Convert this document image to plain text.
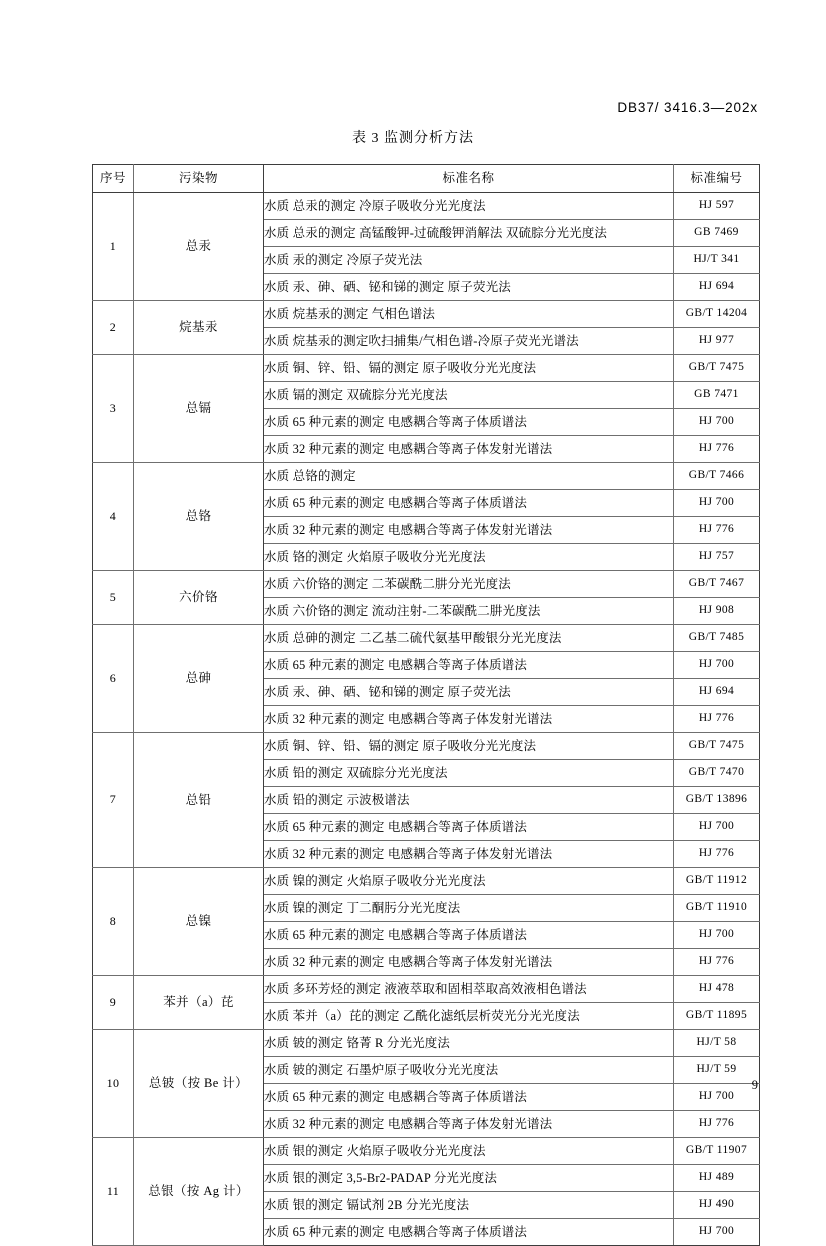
DB37/ 3416.3—202x
表 3 监测分析方法
序号	污染物	标准名称	标准编号
1	总汞	水质 总汞的测定 冷原子吸收分光光度法	HJ 597
		水质 总汞的测定 高锰酸钾-过硫酸钾消解法 双硫腙分光光度法	GB 7469
		水质 汞的测定 冷原子荧光法	HJ/T 341
		水质 汞、砷、硒、铋和锑的测定 原子荧光法	HJ 694
2	烷基汞	水质 烷基汞的测定 气相色谱法	GB/T 14204
		水质 烷基汞的测定吹扫捕集/气相色谱-冷原子荧光光谱法	HJ 977
3	总镉	水质 铜、锌、铅、镉的测定 原子吸收分光光度法	GB/T 7475
		水质 镉的测定 双硫腙分光光度法	GB 7471
		水质 65 种元素的测定 电感耦合等离子体质谱法	HJ 700
		水质 32 种元素的测定 电感耦合等离子体发射光谱法	HJ 776
4	总铬	水质 总铬的测定	GB/T 7466
		水质 65 种元素的测定 电感耦合等离子体质谱法	HJ 700
		水质 32 种元素的测定 电感耦合等离子体发射光谱法	HJ 776
		水质 铬的测定 火焰原子吸收分光光度法	HJ 757
5	六价铬	水质 六价铬的测定 二苯碳酰二肼分光光度法	GB/T 7467
		水质 六价铬的测定 流动注射-二苯碳酰二肼光度法	HJ 908
6	总砷	水质 总砷的测定 二乙基二硫代氨基甲酸银分光光度法	GB/T 7485
		水质 65 种元素的测定 电感耦合等离子体质谱法	HJ 700
		水质 汞、砷、硒、铋和锑的测定 原子荧光法	HJ 694
		水质 32 种元素的测定 电感耦合等离子体发射光谱法	HJ 776
7	总铅	水质 铜、锌、铅、镉的测定 原子吸收分光光度法	GB/T 7475
		水质 铅的测定 双硫腙分光光度法	GB/T 7470
		水质 铅的测定 示波极谱法	GB/T 13896
		水质 65 种元素的测定 电感耦合等离子体质谱法	HJ 700
		水质 32 种元素的测定 电感耦合等离子体发射光谱法	HJ 776
8	总镍	水质 镍的测定 火焰原子吸收分光光度法	GB/T 11912
		水质 镍的测定 丁二酮肟分光光度法	GB/T 11910
		水质 65 种元素的测定 电感耦合等离子体质谱法	HJ 700
		水质 32 种元素的测定 电感耦合等离子体发射光谱法	HJ 776
9	苯并（a）芘	水质 多环芳烃的测定 液液萃取和固相萃取高效液相色谱法	HJ 478
		水质 苯并（a）芘的测定 乙酰化滤纸层析荧光分光光度法	GB/T 11895
10	总铍（按 Be 计）	水质 铍的测定 铬菁 R 分光光度法	HJ/T 58
		水质 铍的测定 石墨炉原子吸收分光光度法	HJ/T 59
		水质 65 种元素的测定 电感耦合等离子体质谱法	HJ 700
		水质 32 种元素的测定 电感耦合等离子体发射光谱法	HJ 776
11	总银（按 Ag 计）	水质 银的测定 火焰原子吸收分光光度法	GB/T 11907
		水质 银的测定 3,5-Br2-PADAP 分光光度法	HJ 489
		水质 银的测定 镉试剂 2B 分光光度法	HJ 490
		水质 65 种元素的测定 电感耦合等离子体质谱法	HJ 700
9
